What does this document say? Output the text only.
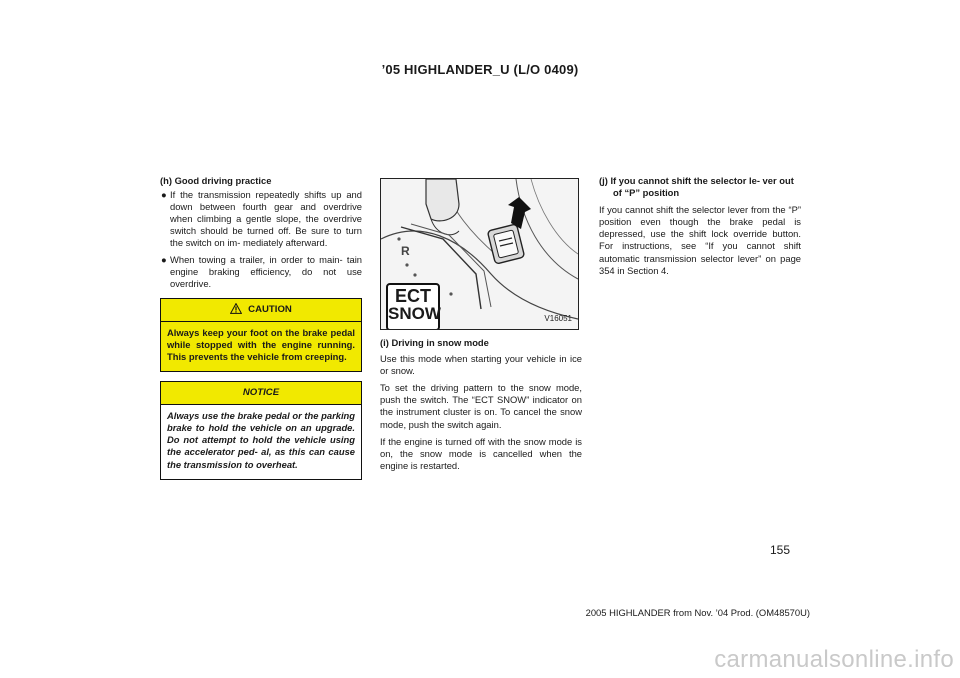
’05 HIGHLANDER_U (L/O 0409)
(h) Good driving practice
● If the transmission repeatedly shifts up and down between fourth gear and overdrive when climbing a gentle slope, the overdrive switch should be turned off. Be sure to turn the switch on im- mediately afterward.
● When towing a trailer, in order to main- tain engine braking efficiency, do not use overdrive.
CAUTION
Always keep your foot on the brake pedal while stopped with the engine running. This prevents the vehicle from creeping.
NOTICE
Always use the brake pedal or the parking brake to hold the vehicle on an upgrade. Do not attempt to hold the vehicle using the accelerator ped- al, as this can cause the transmission to overheat.
R
ECT
SNOW	V16051
(i) Driving in snow mode
Use this mode when starting your vehicle in ice or snow.
To set the driving pattern to the snow mode, push the switch. The “ECT SNOW” indicator on the instrument cluster is on. To cancel the snow mode, push the switch again.
If the engine is turned off with the snow mode is on, the snow mode is cancelled when the engine is restarted.
(j) If you cannot shift the selector le- ver out of “P” position
If you cannot shift the selector lever from the “P” position even though the brake pedal is depressed, use the shift lock override button. For instructions, see “If you cannot shift automatic transmission selector lever” on page 354 in Section 4.
155
2005 HIGHLANDER from Nov. ’04 Prod. (OM48570U)
carmanualsonline.info
